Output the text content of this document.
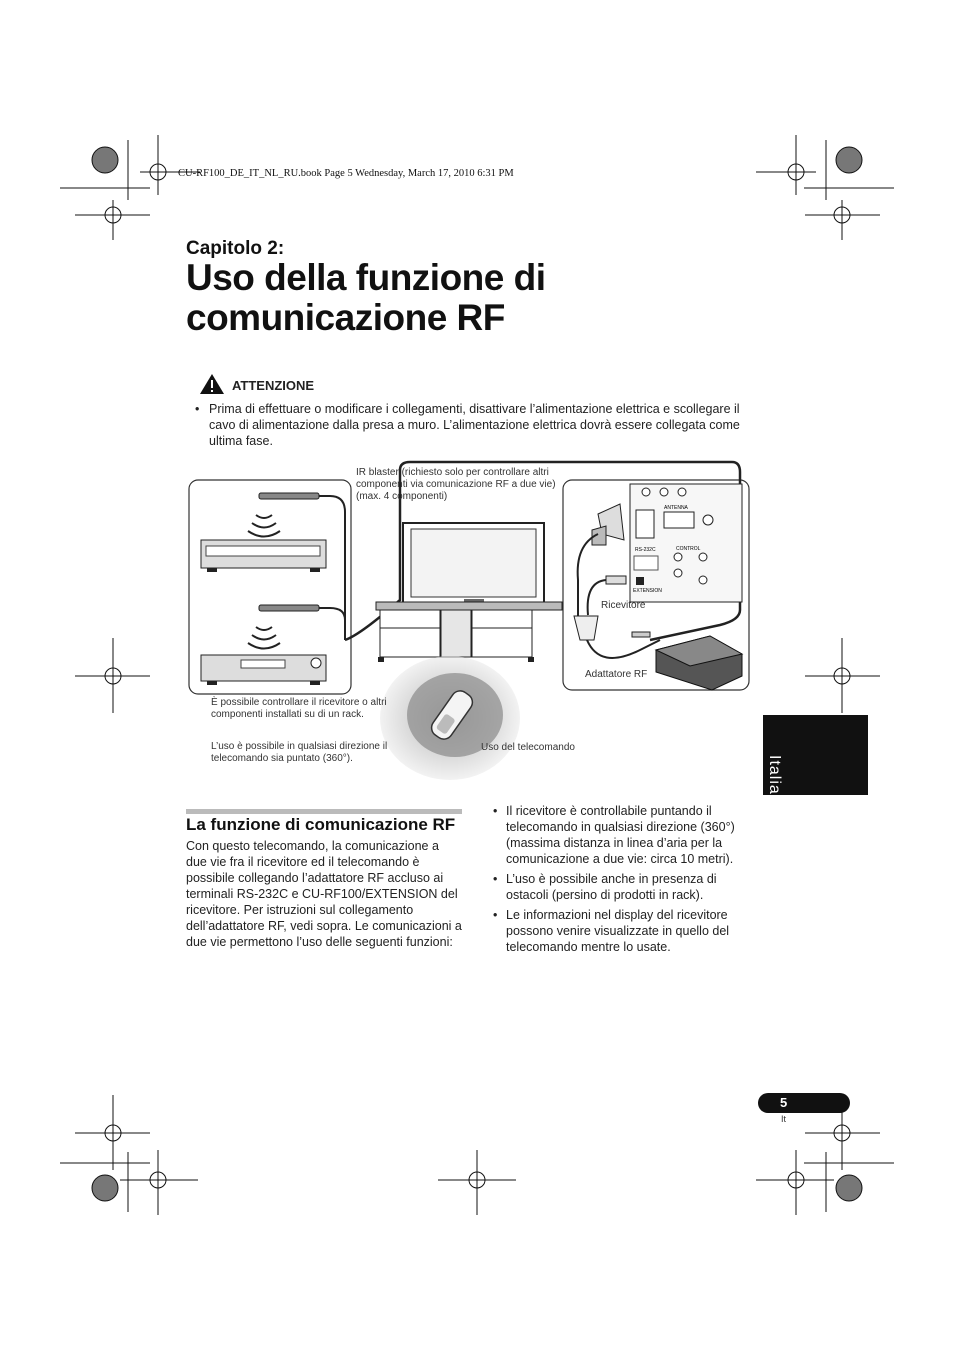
ANTENNA
RS-232C	CONTROL
EXTENSION
CU-RF100_DE_IT_NL_RU.book Page 5 Wednesday, March 17, 2010 6:31 PM
Capitolo 2:
Uso della funzione di
comunicazione RF
ATTENZIONE
• Prima di effettuare o modificare i collegamenti, disattivare l’alimentazione elettrica e scollegare il cavo di alimentazione dalla presa a muro. L’alimentazione elettrica dovrà essere collegata come ultima fase.
IR blaster (richiesto solo per controllare altri componenti via comunicazione RF a due vie) (max. 4 componenti)
Ricevitore
Adattatore RF
È possibile controllare il ricevitore o altri componenti installati su di un rack.
L’uso è possibile in qualsiasi direzione il telecomando sia puntato (360°).
Uso del telecomando
Italiano
La funzione di comunicazione RF
Con questo telecomando, la comunicazione a due vie fra il ricevitore ed il telecomando è possibile collegando l’adattatore RF accluso ai terminali RS-232C e CU-RF100/EXTENSION del ricevitore. Per istruzioni sul collegamento dell’adattatore RF, vedi sopra. Le comunicazioni a due vie permettono l’uso delle seguenti funzioni:
• Il ricevitore è controllabile puntando il telecomando in qualsiasi direzione (360°) (massima distanza in linea d’aria per la comunicazione a due vie: circa 10 metri).
• L’uso è possibile anche in presenza di ostacoli (persino di prodotti in rack).
• Le informazioni nel display del ricevitore possono venire visualizzate in quello del telecomando mentre lo usate.
5
It
